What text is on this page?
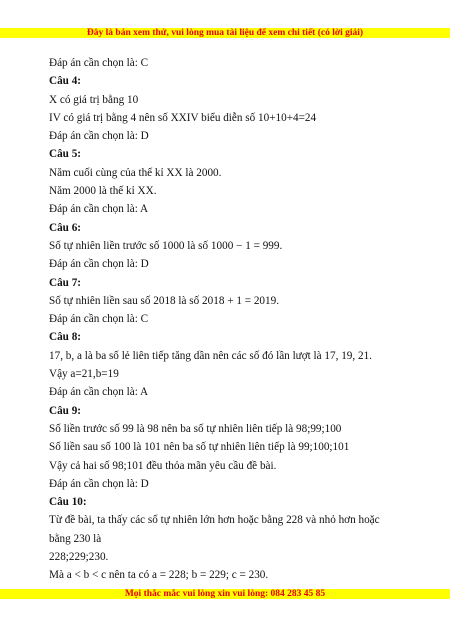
Đây là bản xem thử, vui lòng mua tài liệu để xem chi tiết (có lời giải)
Đáp án cần chọn là: C
Câu 4:
X có giá trị bằng 10
IV có giá trị bằng 4 nên số XXIV biểu diễn số 10+10+4=24
Đáp án cần chọn là: D
Câu 5:
Năm cuối cùng của thế kỉ XX là 2000.
Năm 2000 là thế kỉ XX.
Đáp án cần chọn là: A
Câu 6:
Số tự nhiên liền trước số 1000 là số 1000 − 1 = 999.
Đáp án cần chọn là: D
Câu 7:
Số tự nhiên liền sau số 2018 là số 2018 + 1 = 2019.
Đáp án cần chọn là: C
Câu 8:
17, b, a là ba số lẻ liên tiếp tăng dần nên các số đó lần lượt là 17, 19, 21.
Vậy a=21,b=19
Đáp án cần chọn là: A
Câu 9:
Số liền trước số 99 là 98 nên ba số tự nhiên liên tiếp là 98;99;100
Số liền sau số 100 là 101 nên ba số tự nhiên liên tiếp là 99;100;101
Vậy cả hai số 98;101 đều thỏa mãn yêu cầu đề bài.
Đáp án cần chọn là: D
Câu 10:
Từ đề bài, ta thấy các số tự nhiên lớn hơn hoặc bằng 228 và nhỏ hơn hoặc
bằng 230 là
228;229;230.
Mà a < b < c nên ta có a = 228; b = 229; c = 230.
Mọi thắc mắc vui lòng xin vui lòng: 084 283 45 85
